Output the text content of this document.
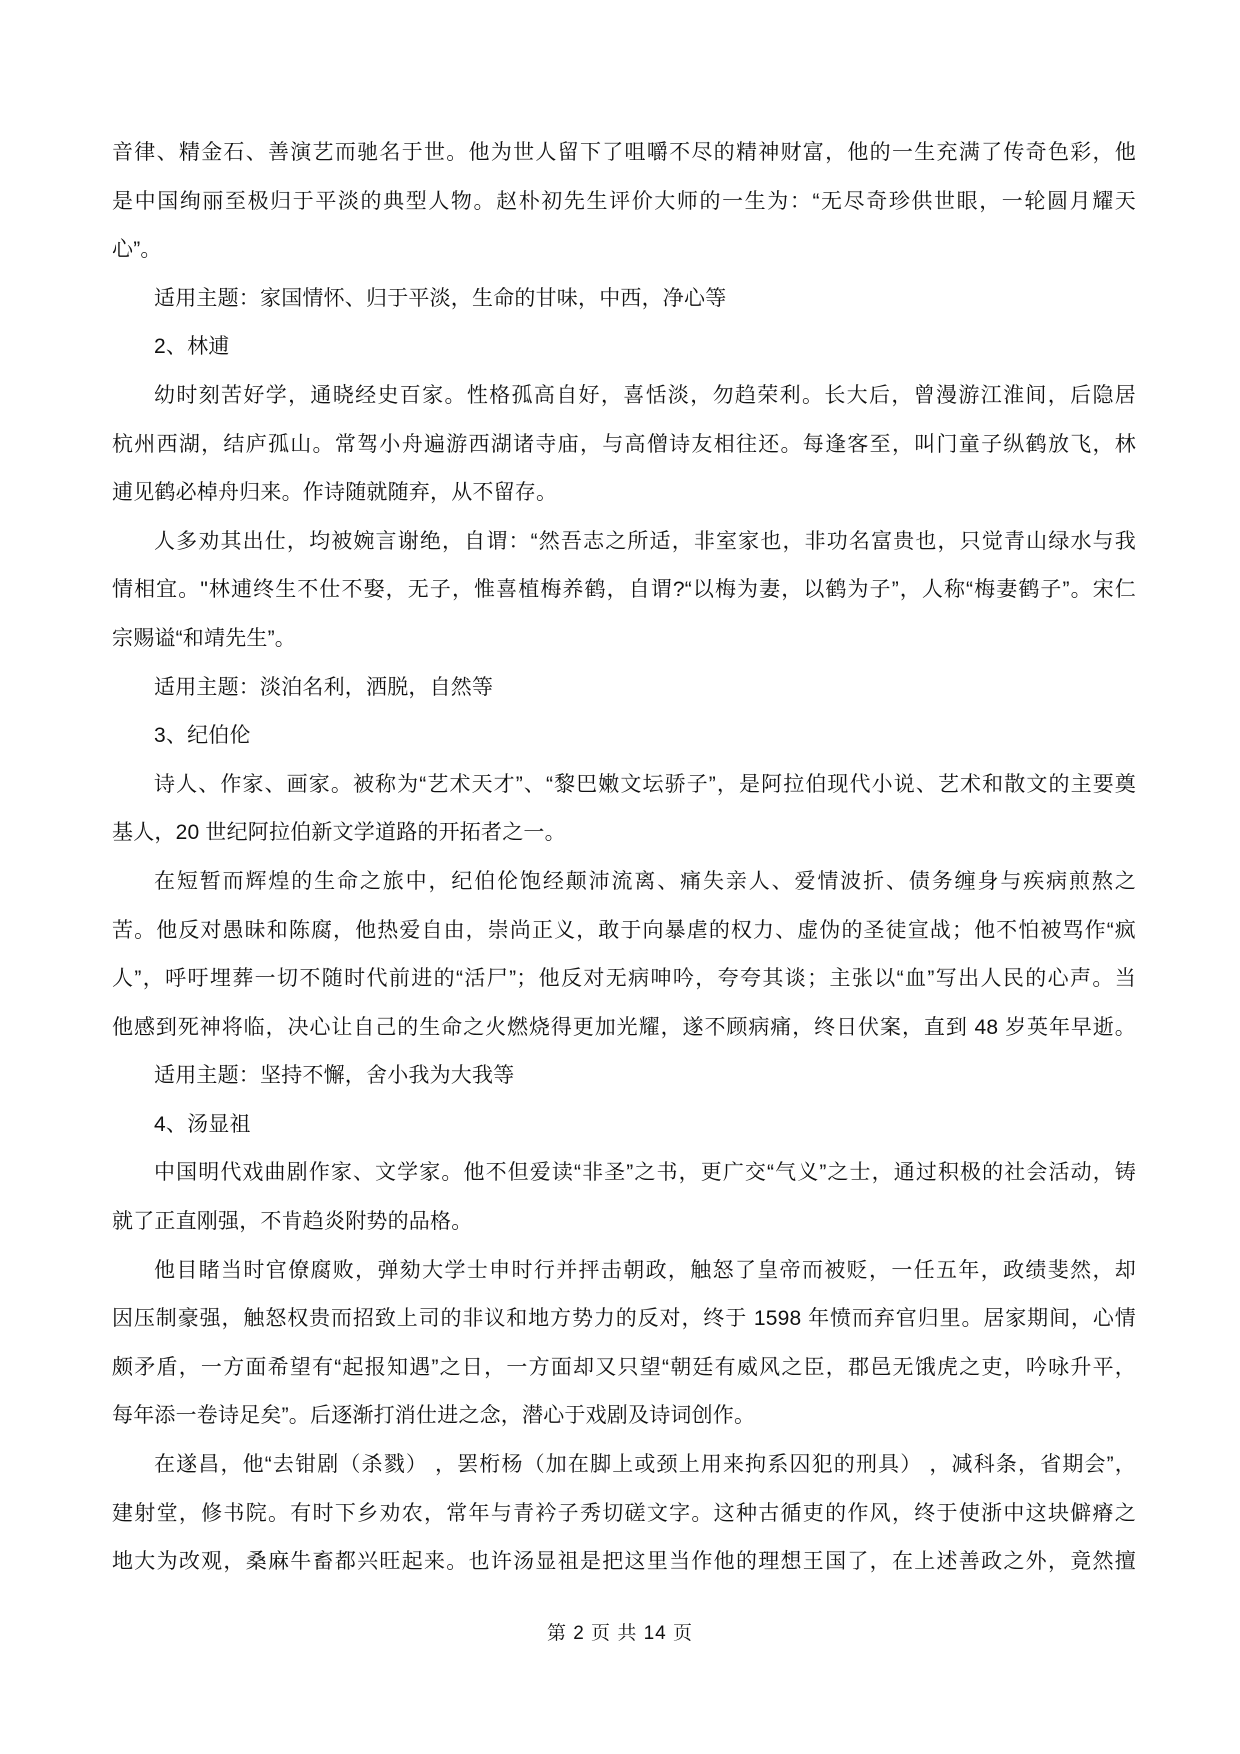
音律、精金石、善演艺而驰名于世。他为世人留下了咀嚼不尽的精神财富，他的一生充满了传奇色彩，他
是中国绚丽至极归于平淡的典型人物。赵朴初先生评价大师的一生为：“无尽奇珍供世眼，一轮圆月耀天
心”。
适用主题：家国情怀、归于平淡，生命的甘味，中西，净心等
2、林逋
幼时刻苦好学，通晓经史百家。性格孤高自好，喜恬淡，勿趋荣利。长大后，曾漫游江淮间，后隐居
杭州西湖，结庐孤山。常驾小舟遍游西湖诸寺庙，与高僧诗友相往还。每逢客至，叫门童子纵鹤放飞，林
逋见鹤必棹舟归来。作诗随就随弃，从不留存。
人多劝其出仕，均被婉言谢绝，自谓：“然吾志之所适，非室家也，非功名富贵也，只觉青山绿水与我
情相宜。"林逋终生不仕不娶，无子，惟喜植梅养鹤，自谓?“以梅为妻，以鹤为子”，人称“梅妻鹤子”。宋仁
宗赐谥“和靖先生”。
适用主题：淡泊名利，洒脱，自然等
3、纪伯伦
诗人、作家、画家。被称为“艺术天才”、“黎巴嫩文坛骄子”，是阿拉伯现代小说、艺术和散文的主要奠
基人，20 世纪阿拉伯新文学道路的开拓者之一。
在短暂而辉煌的生命之旅中，纪伯伦饱经颠沛流离、痛失亲人、爱情波折、债务缠身与疾病煎熬之
苦。他反对愚昧和陈腐，他热爱自由，崇尚正义，敢于向暴虐的权力、虚伪的圣徒宣战；他不怕被骂作“疯
人”，呼吁埋葬一切不随时代前进的“活尸”；他反对无病呻吟，夸夸其谈；主张以“血”写出人民的心声。当
他感到死神将临，决心让自己的生命之火燃烧得更加光耀，遂不顾病痛，终日伏案，直到 48 岁英年早逝。
适用主题：坚持不懈，舍小我为大我等
4、汤显祖
中国明代戏曲剧作家、文学家。他不但爱读“非圣”之书，更广交“气义”之士，通过积极的社会活动，铸
就了正直刚强，不肯趋炎附势的品格。
他目睹当时官僚腐败，弹劾大学士申时行并抨击朝政，触怒了皇帝而被贬，一任五年，政绩斐然，却
因压制豪强，触怒权贵而招致上司的非议和地方势力的反对，终于 1598 年愤而弃官归里。居家期间，心情
颇矛盾，一方面希望有“起报知遇”之日，一方面却又只望“朝廷有威风之臣，郡邑无饿虎之吏，吟咏升平，
每年添一卷诗足矣”。后逐渐打消仕进之念，潜心于戏剧及诗词创作。
在遂昌，他“去钳剧（杀戮） ，罢桁杨（加在脚上或颈上用来拘系囚犯的刑具） ，减科条，省期会”，
建射堂，修书院。有时下乡劝农，常年与青衿子秀切磋文字。这种古循吏的作风，终于使浙中这块僻瘠之
地大为改观，桑麻牛畜都兴旺起来。也许汤显祖是把这里当作他的理想王国了，在上述善政之外，竟然擅
第 2 页 共 14 页
